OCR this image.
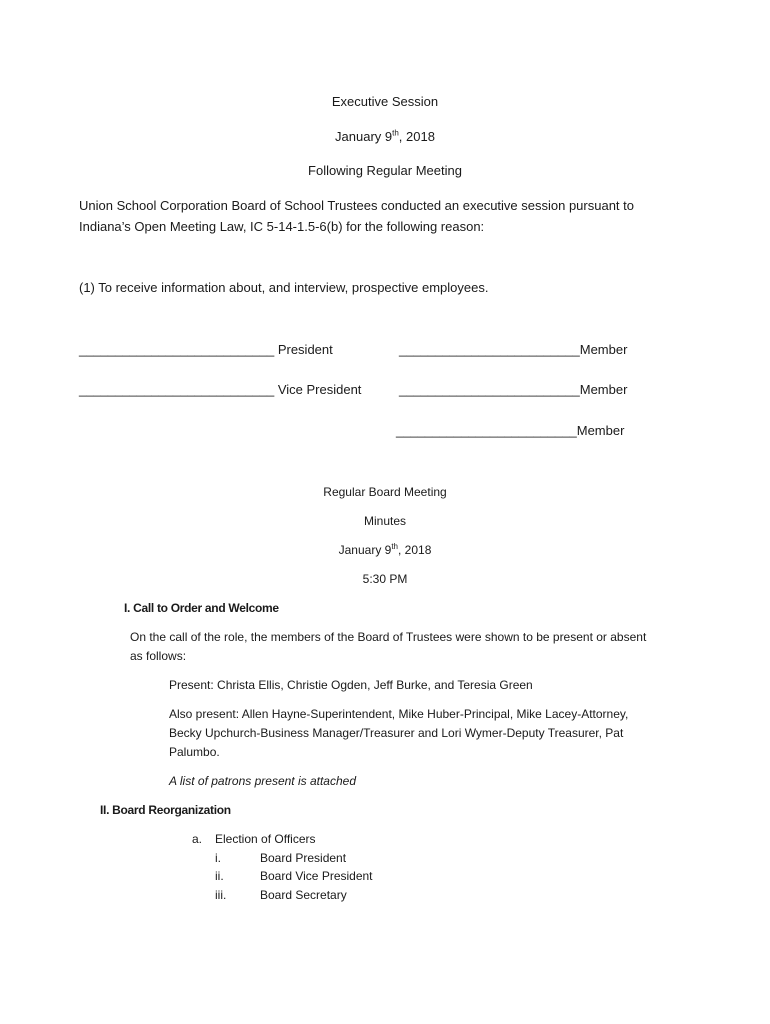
Executive Session
January 9th, 2018
Following Regular Meeting
Union School Corporation Board of School Trustees conducted an executive session pursuant to
Indiana’s Open Meeting Law, IC 5-14-1.5-6(b) for the following reason:
(1) To receive information about, and interview, prospective employees.
___________________________ President	_________________________Member
___________________________ Vice President	_________________________Member
_________________________Member
Regular Board Meeting
Minutes
January 9th, 2018
5:30 PM
I. Call to Order and Welcome
On the call of the role, the members of the Board of Trustees were shown to be present or absent
as follows:
Present: Christa Ellis, Christie Ogden, Jeff Burke, and Teresia Green
Also present: Allen Hayne-Superintendent, Mike Huber-Principal, Mike Lacey-Attorney,
Becky Upchurch-Business Manager/Treasurer and Lori Wymer-Deputy Treasurer, Pat
Palumbo.
A list of patrons present is attached
II. Board Reorganization
a. Election of Officers
i.	Board President
ii.	Board Vice President
iii.	Board Secretary
